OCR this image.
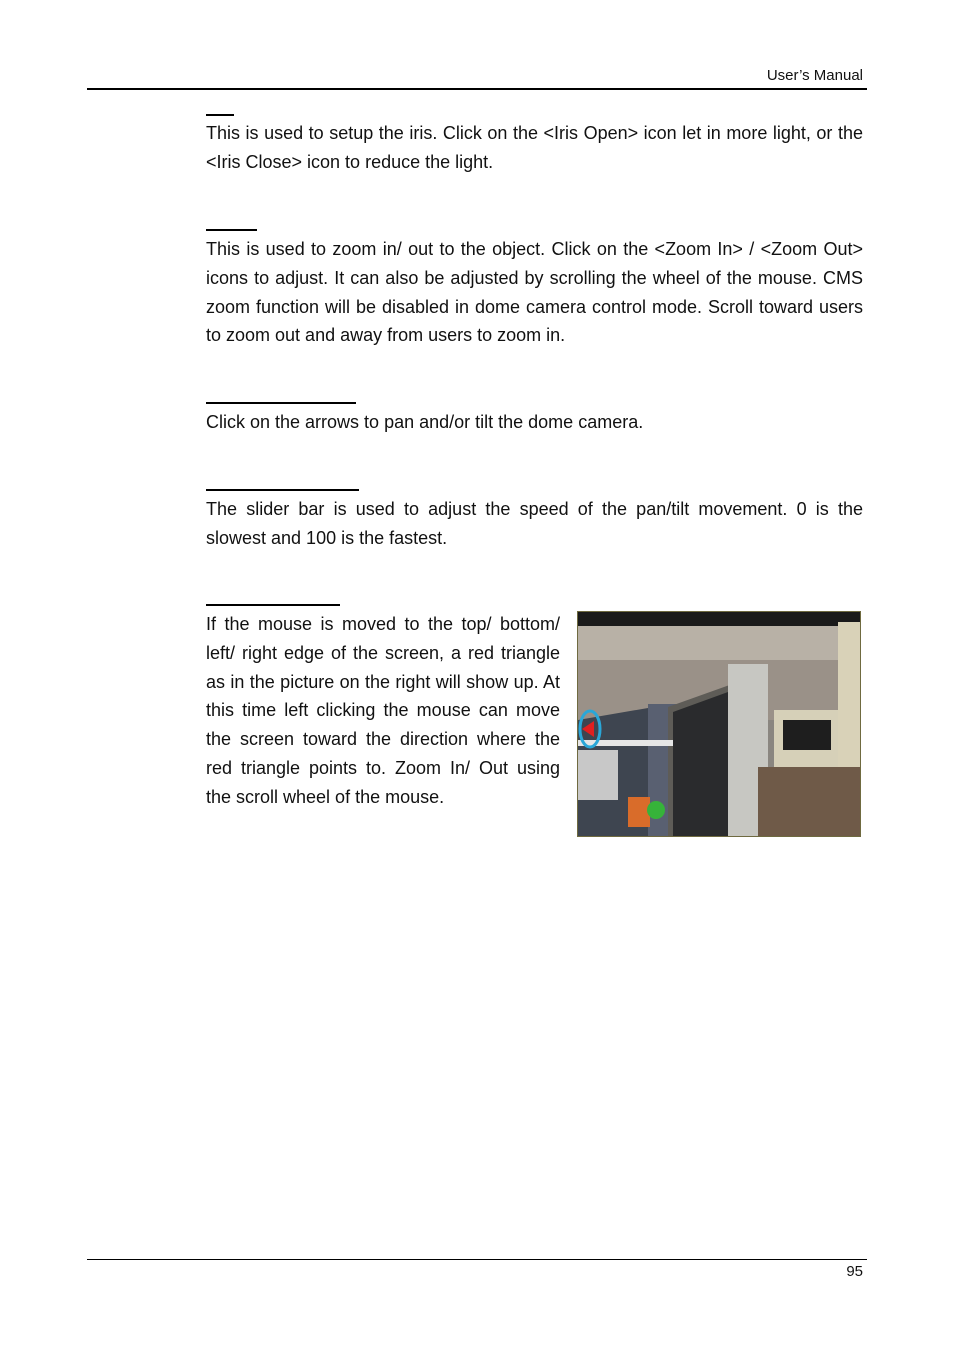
User’s Manual

This is used to setup the iris. Click on the <Iris Open> icon let in more light, or the <Iris Close> icon to reduce the light.

This is used to zoom in/ out to the object. Click on the <Zoom In> / <Zoom Out> icons to adjust. It can also be adjusted by scrolling the wheel of the mouse. CMS zoom function will be disabled in dome camera control mode. Scroll toward users to zoom out and away from users to zoom in.

Click on the arrows to pan and/or tilt the dome camera.

The slider bar is used to adjust the speed of the pan/tilt movement. 0 is the slowest and 100 is the fastest.

If the mouse is moved to the top/ bottom/ left/ right edge of the screen, a red triangle as in the picture on the right will show up. At this time left clicking the mouse can move the screen toward the direction where the red triangle points to. Zoom In/ Out using the scroll wheel of the mouse.

95
